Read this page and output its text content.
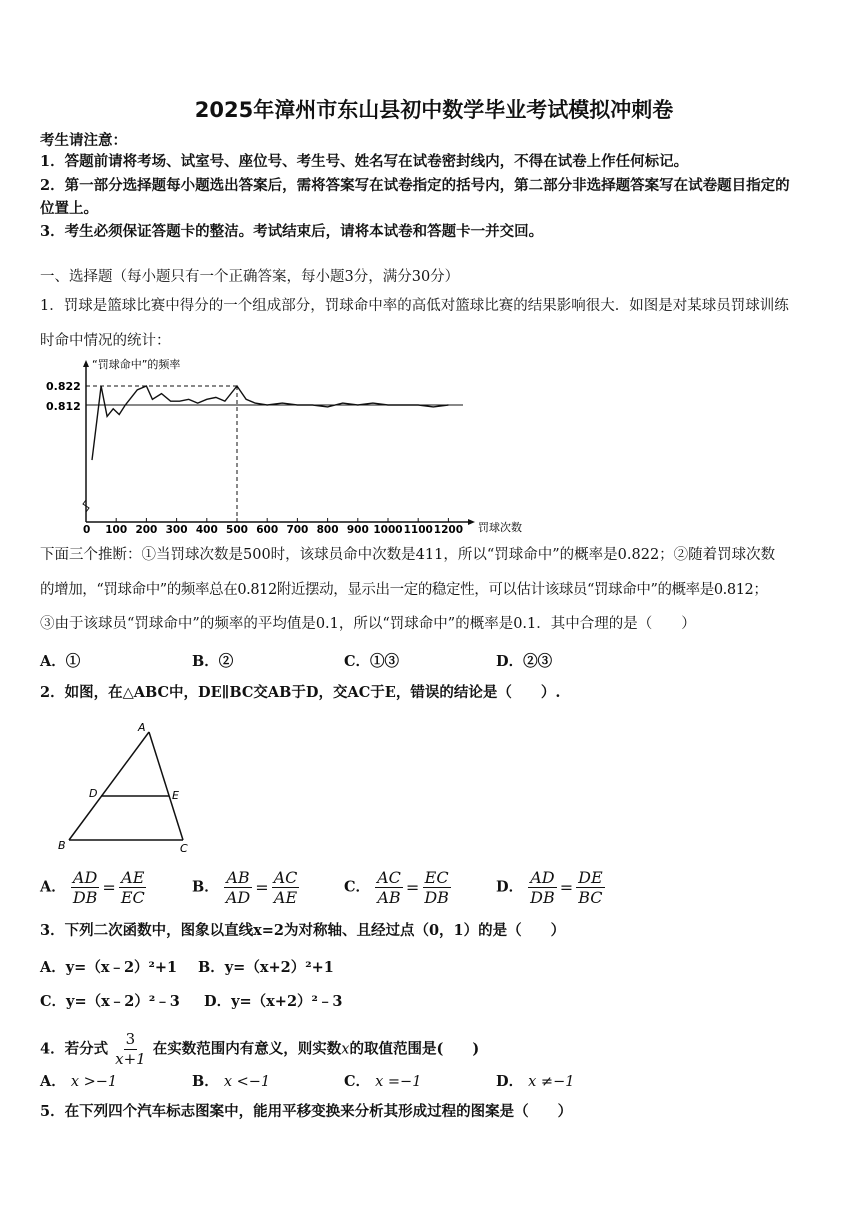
2025年漳州市东山县初中数学毕业考试模拟冲刺卷
考生请注意：
1．答题前请将考场、试室号、座位号、考生号、姓名写在试卷密封线内，不得在试卷上作任何标记。
2．第一部分选择题每小题选出答案后，需将答案写在试卷指定的括号内，第二部分非选择题答案写在试卷题目指定的
位置上。
3．考生必须保证答题卡的整洁。考试结束后，请将本试卷和答题卡一并交回。
一、选择题（每小题只有一个正确答案，每小题3分，满分30分）
1．罚球是篮球比赛中得分的一个组成部分，罚球命中率的高低对篮球比赛的结果影响很大．如图是对某球员罚球训练
时命中情况的统计：
“罚球命中”的频率
罚球次数
0.822
0.812
0 100 200 300 400 500 600 700 800 900 1000 1100 1200
下面三个推断：①当罚球次数是500时，该球员命中次数是411，所以“罚球命中”的概率是0.822；②随着罚球次数
的增加，“罚球命中”的频率总在0.812附近摆动，显示出一定的稳定性，可以估计该球员“罚球命中”的概率是0.812；
③由于该球员“罚球命中”的频率的平均值是0.1，所以“罚球命中”的概率是0.1．其中合理的是（　　）
A．①	B．②	C．①③	D．②③
2．如图，在△ABC中，DE∥BC交AB于D，交AC于E，错误的结论是（　　）.
A
D	E
B	C
A． $\frac{AD}{DB} = \frac{AE}{EC}$	B． $\frac{AB}{AD} = \frac{AC}{AE}$	C． $\frac{AC}{AB} = \frac{EC}{DB}$	D． $\frac{AD}{DB} = \frac{DE}{BC}$
3．下列二次函数中，图象以直线x=2为对称轴、且经过点（0，1）的是（　　）
A．y=（x﹣2）²+1 B．y=（x+2）²+1
C．y=（x﹣2）²﹣3 D．y=（x+2）²﹣3
4．若分式 $\frac{3}{x+1}$ 在实数范围内有意义，则实数x的取值范围是(　　)
A． x >−1	B． x <−1	C． x =−1	D． x ≠−1
5．在下列四个汽车标志图案中，能用平移变换来分析其形成过程的图案是（　　）
